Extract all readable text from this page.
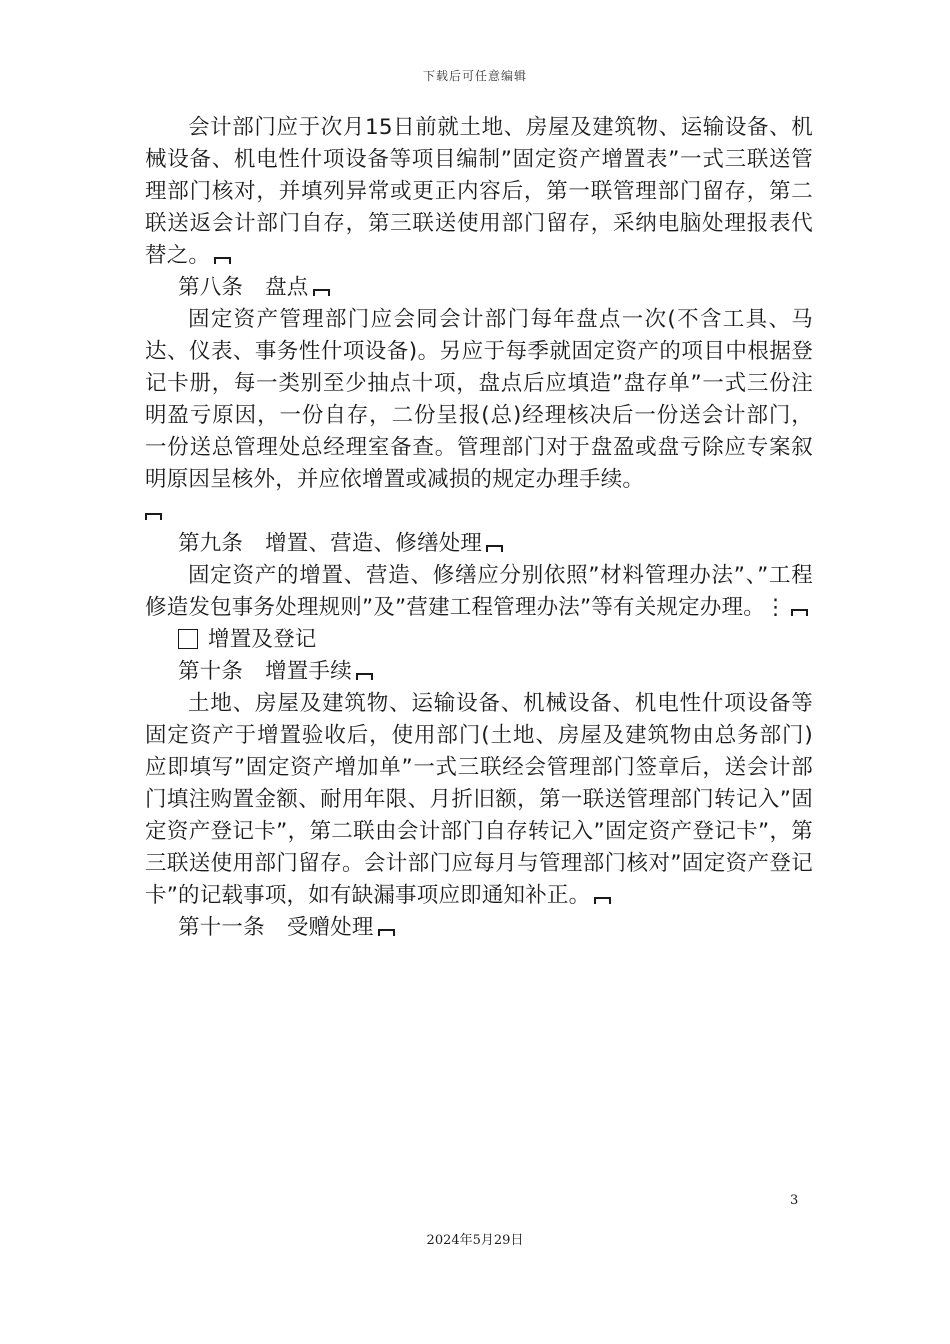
下载后可任意编辑

会计部门应于次月15日前就土地、房屋及建筑物、运输设备、机械设备、机电性什项设备等项目编制”固定资产增置表”一式三联送管理部门核对，并填列异常或更正内容后，第一联管理部门留存，第二联送返会计部门自存，第三联送使用部门留存，采纳电脑处理报表代替之。

第八条 盘点

固定资产管理部门应会同会计部门每年盘点一次(不含工具、马达、仪表、事务性什项设备)。另应于每季就固定资产的项目中根据登记卡册，每一类别至少抽点十项，盘点后应填造”盘存单”一式三份注明盈亏原因，一份自存，二份呈报(总)经理核决后一份送会计部门，一份送总管理处总经理室备查。管理部门对于盘盈或盘亏除应专案叙明原因呈核外，并应依增置或减损的规定办理手续。

第九条 增置、营造、修缮处理

固定资产的增置、营造、修缮应分别依照”材料管理办法”、”工程修造发包事务处理规则”及”营建工程管理办法”等有关规定办理。⋮

增置及登记

第十条 增置手续

土地、房屋及建筑物、运输设备、机械设备、机电性什项设备等固定资产于增置验收后，使用部门(土地、房屋及建筑物由总务部门)应即填写”固定资产增加单”一式三联经会管理部门签章后，送会计部门填注购置金额、耐用年限、月折旧额，第一联送管理部门转记入”固定资产登记卡”，第二联由会计部门自存转记入”固定资产登记卡”，第三联送使用部门留存。会计部门应每月与管理部门核对”固定资产登记卡”的记载事项，如有缺漏事项应即通知补正。

第十一条 受赠处理

3
2024年5月29日
